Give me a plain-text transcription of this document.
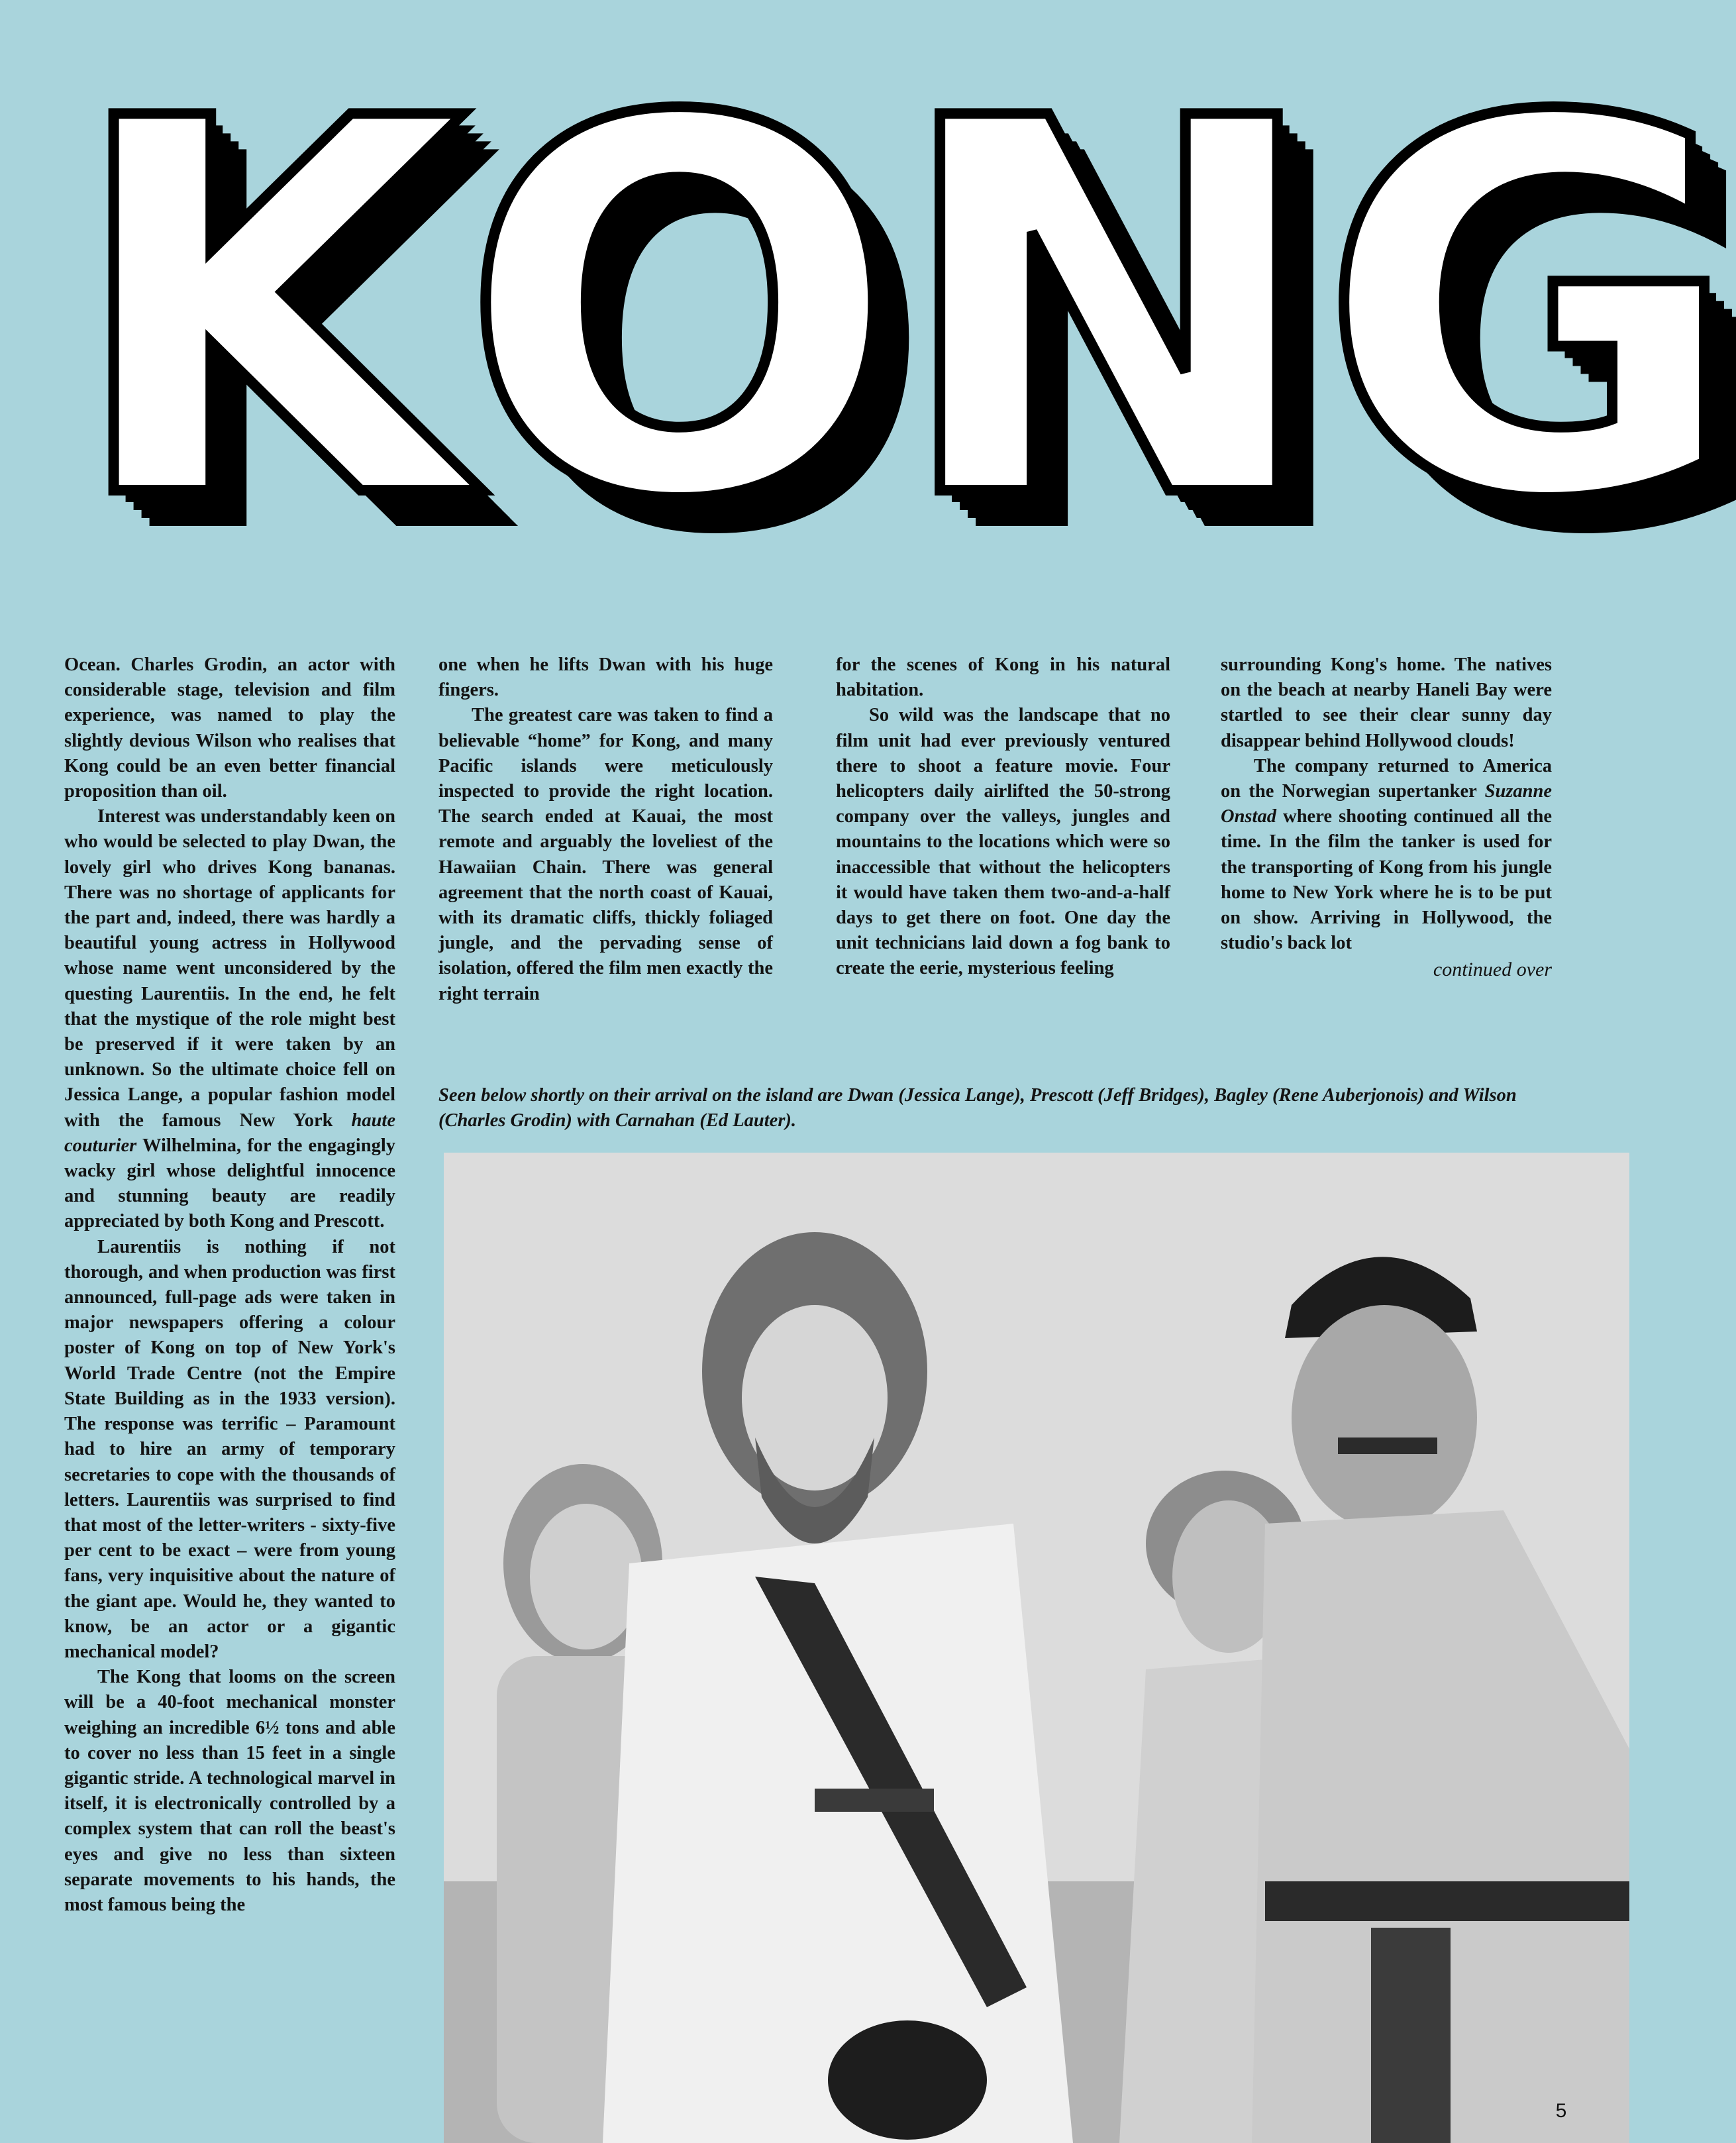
K O N G

Ocean. Charles Grodin, an actor with considerable stage, television and film experience, was named to play the slightly devious Wilson who realises that Kong could be an even better financial proposition than oil.

Interest was understandably keen on who would be selected to play Dwan, the lovely girl who drives Kong bananas. There was no shortage of applicants for the part and, indeed, there was hardly a beautiful young actress in Hollywood whose name went unconsidered by the questing Laurentiis. In the end, he felt that the mystique of the role might best be preserved if it were taken by an unknown. So the ultimate choice fell on Jessica Lange, a popular fashion model with the famous New York haute couturier Wilhelmina, for the engagingly wacky girl whose delightful innocence and stunning beauty are readily appreciated by both Kong and Prescott.

Laurentiis is nothing if not thorough, and when production was first announced, full-page ads were taken in major newspapers offering a colour poster of Kong on top of New York's World Trade Centre (not the Empire State Building as in the 1933 version). The response was terrific – Paramount had to hire an army of temporary secretaries to cope with the thousands of letters. Laurentiis was surprised to find that most of the letter-writers - sixty-five per cent to be exact – were from young fans, very inquisitive about the nature of the giant ape. Would he, they wanted to know, be an actor or a gigantic mechanical model?

The Kong that looms on the screen will be a 40-foot mechanical monster weighing an incredible 6½ tons and able to cover no less than 15 feet in a single gigantic stride. A technological marvel in itself, it is electronically controlled by a complex system that can roll the beast's eyes and give no less than sixteen separate movements to his hands, the most famous being the

one when he lifts Dwan with his huge fingers.

The greatest care was taken to find a believable “home” for Kong, and many Pacific islands were meticulously inspected to provide the right location. The search ended at Kauai, the most remote and arguably the loveliest of the Hawaiian Chain. There was general agreement that the north coast of Kauai, with its dramatic cliffs, thickly foliaged jungle, and the pervading sense of isolation, offered the film men exactly the right terrain

for the scenes of Kong in his natural habitation.

So wild was the landscape that no film unit had ever previously ventured there to shoot a feature movie. Four helicopters daily airlifted the 50-strong company over the valleys, jungles and mountains to the locations which were so inaccessible that without the helicopters it would have taken them two-and-a-half days to get there on foot. One day the unit technicians laid down a fog bank to create the eerie, mysterious feeling

surrounding Kong's home. The natives on the beach at nearby Haneli Bay were startled to see their clear sunny day disappear behind Hollywood clouds!

The company returned to America on the Norwegian supertanker Suzanne Onstad where shooting continued all the time. In the film the tanker is used for the transporting of Kong from his jungle home to New York where he is to be put on show. Arriving in Hollywood, the studio's back lot

continued over
Seen below shortly on their arrival on the island are Dwan (Jessica Lange), Prescott (Jeff Bridges), Bagley (Rene Auberjonois) and Wilson (Charles Grodin) with Carnahan (Ed Lauter).
5
